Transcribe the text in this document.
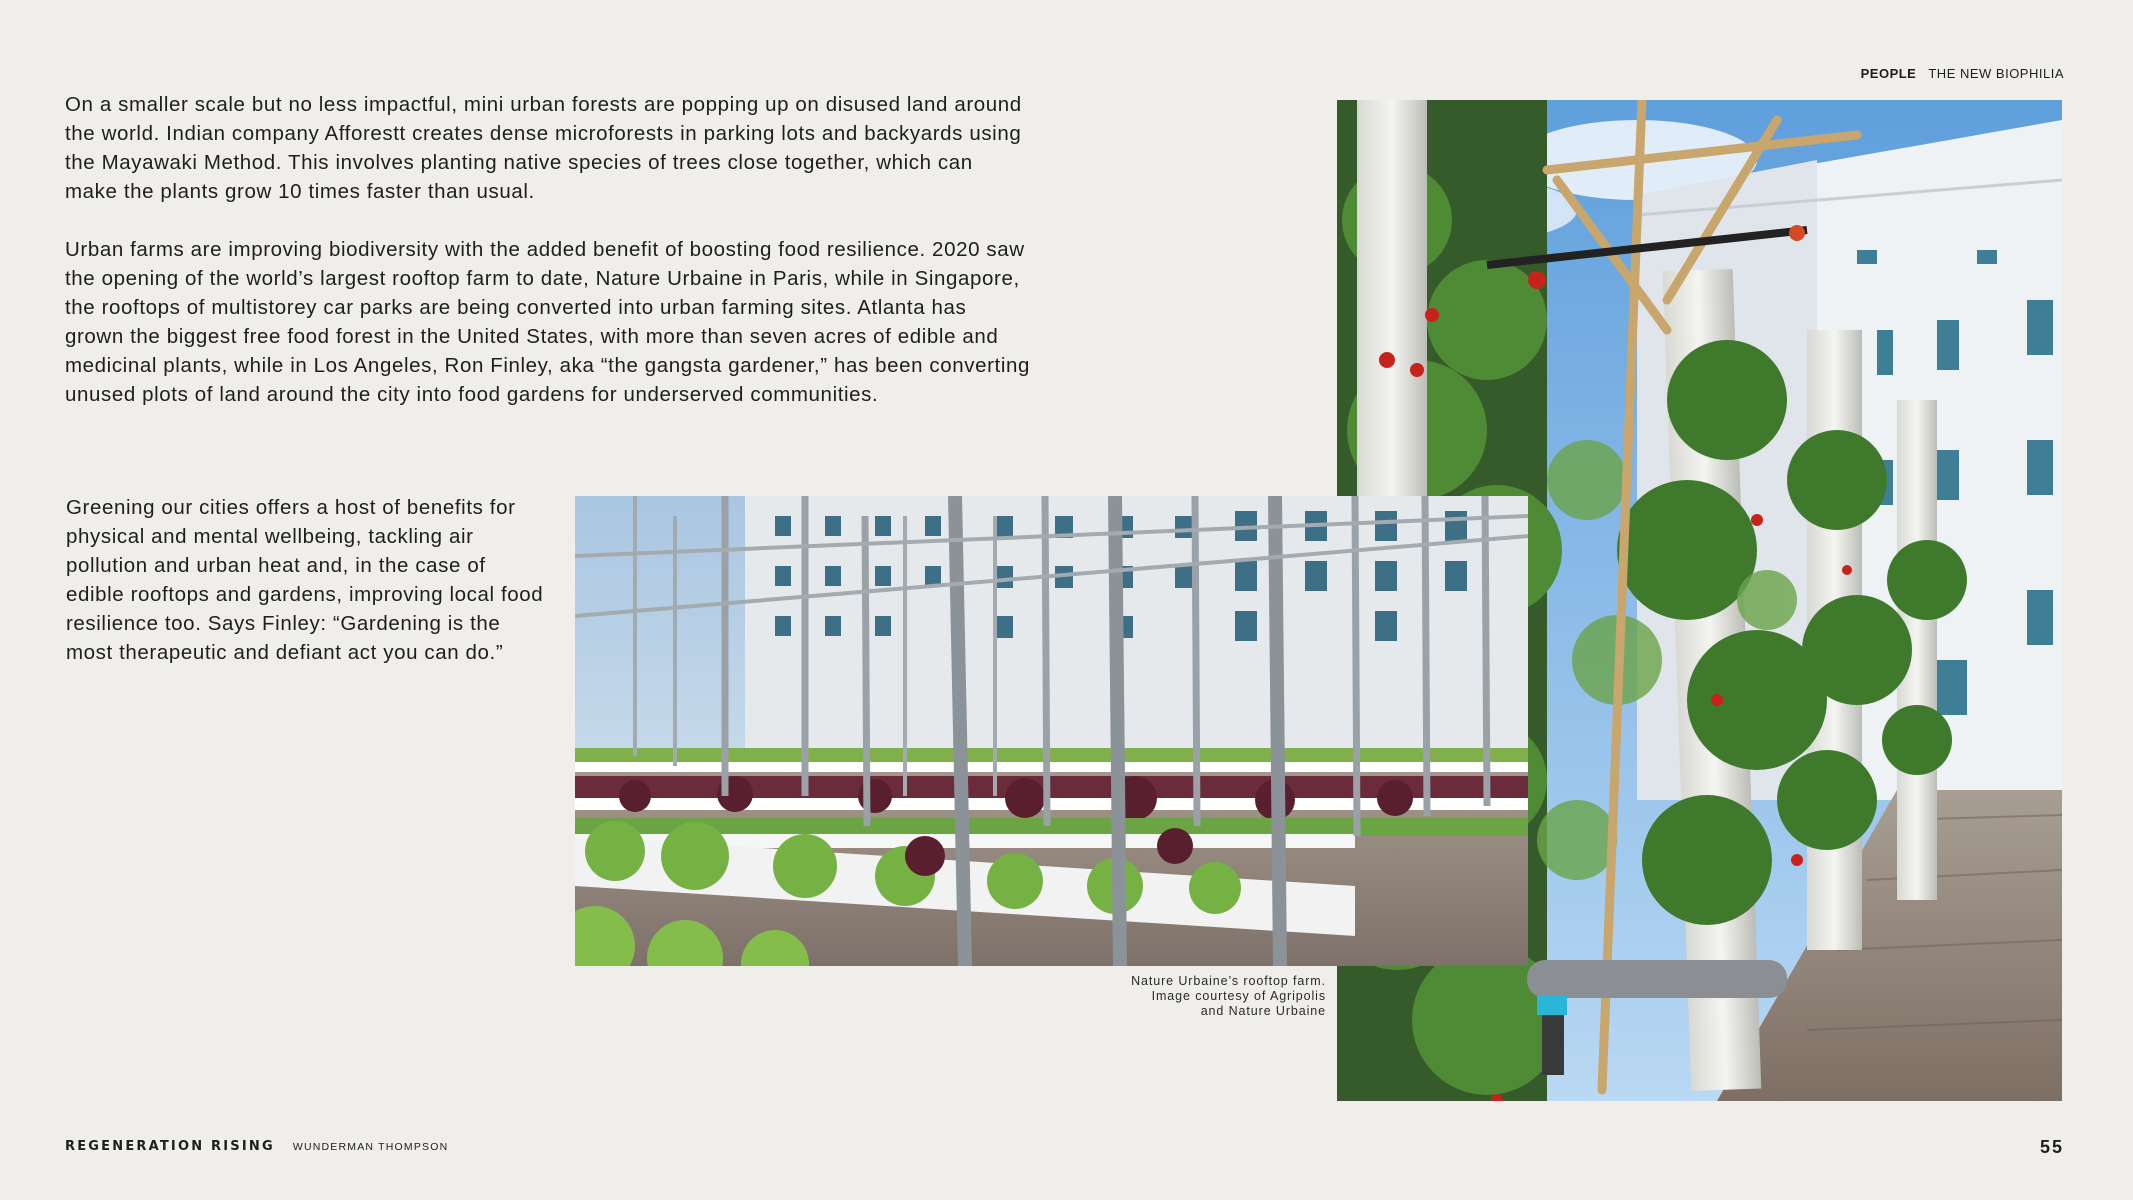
PEOPLE THE NEW BIOPHILIA

On a smaller scale but no less impactful, mini urban forests are popping up on disused land around the world. Indian company Afforestt creates dense microforests in parking lots and backyards using the Mayawaki Method. This involves planting native species of trees close together, which can make the plants grow 10 times faster than usual.

Urban farms are improving biodiversity with the added benefit of boosting food resilience. 2020 saw the opening of the world’s largest rooftop farm to date, Nature Urbaine in Paris, while in Singapore, the rooftops of multistorey car parks are being converted into urban farming sites. Atlanta has grown the biggest free food forest in the United States, with more than seven acres of edible and medicinal plants, while in Los Angeles, Ron Finley, aka “the gangsta gardener,” has been converting unused plots of land around the city into food gardens for underserved communities.

Greening our cities offers a host of benefits for physical and mental wellbeing, tackling air pollution and urban heat and, in the case of edible rooftops and gardens, improving local food resilience too. Says Finley: “Gardening is the most therapeutic and defiant act you can do.”

Nature Urbaine’s rooftop farm.
Image courtesy of Agripolis
and Nature Urbaine
REGENERATION RISING WUNDERMAN THOMPSON	55
